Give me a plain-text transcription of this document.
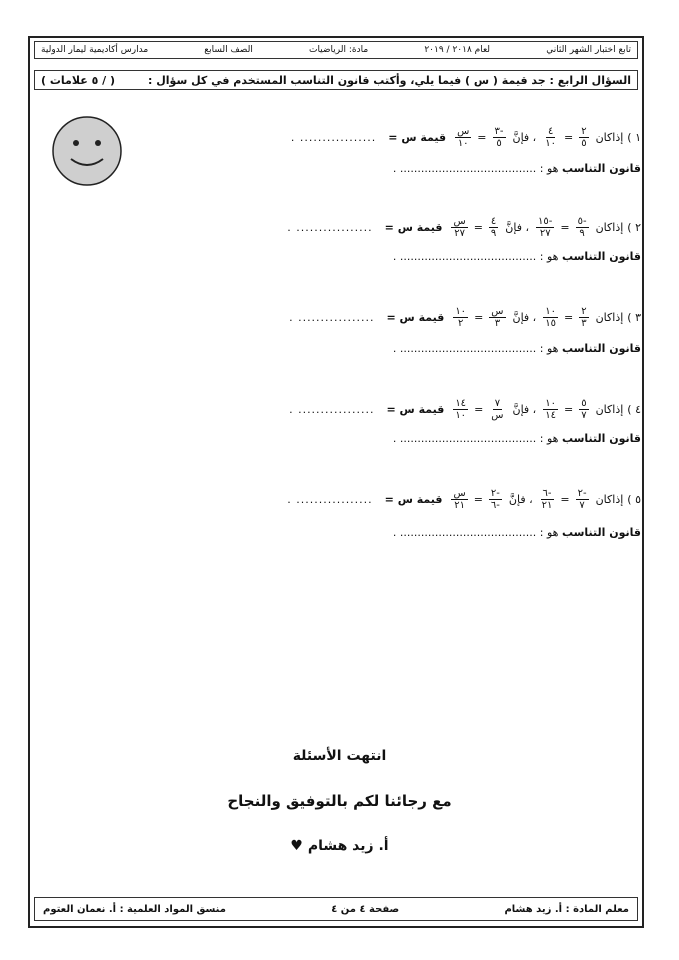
تابع اختبار الشهر الثاني
لعام ٢٠١٨ / ٢٠١٩
مادة: الرياضيات
الصف السابع
مدارس أكاديمية ليمار الدولية
السؤال الرابع : جد قيمة ( س ) فيما يلي، وأكتب قانون التناسب المستخدم في كل سؤال :
( / ٥ علامات )
١ )
إذاكان
$\frac{٢}{٥}$
=
$\frac{٤}{١٠}$
، فإنَّ
$\frac{-٣}{٥}$
=
$\frac{\text{س}}{١٠}$
قيمة س =
................. .
قانون التناسب هو : ....................................... .
٢ )
إذاكان
$\frac{-٥}{٩}$
=
$\frac{-١٥}{٢٧}$
، فإنَّ
$\frac{٤}{٩}$
=
$\frac{\text{س}}{٢٧}$
قيمة س =
................. .
قانون التناسب هو : ....................................... .
٣ )
إذاكان
$\frac{٢}{٣}$
=
$\frac{١٠}{١٥}$
، فإنَّ
$\frac{\text{س}}{٣}$
=
$\frac{١٠}{٢}$
قيمة س =
................. .
قانون التناسب هو : ....................................... .
٤ )
إذاكان
$\frac{٥}{٧}$
=
$\frac{١٠}{١٤}$
، فإنَّ
$\frac{٧}{\text{س}}$
=
$\frac{١٤}{١٠}$
قيمة س =
................. .
قانون التناسب هو : ....................................... .
٥ )
إذاكان
$\frac{-٢}{٧}$
=
$\frac{-٦}{٢١}$
، فإنَّ
$\frac{-٢}{-٦}$
=
$\frac{\text{س}}{٢١}$
قيمة س =
................. .
قانون التناسب هو : ....................................... .
انتهت الأسئلة
مع رجائنا لكم بالتوفيق والنجاح
أ. زيد هشام ♥
معلم المادة : أ. زيد هشام
صفحة ٤ من ٤
منسق المواد العلمية : أ. نعمان العتوم
